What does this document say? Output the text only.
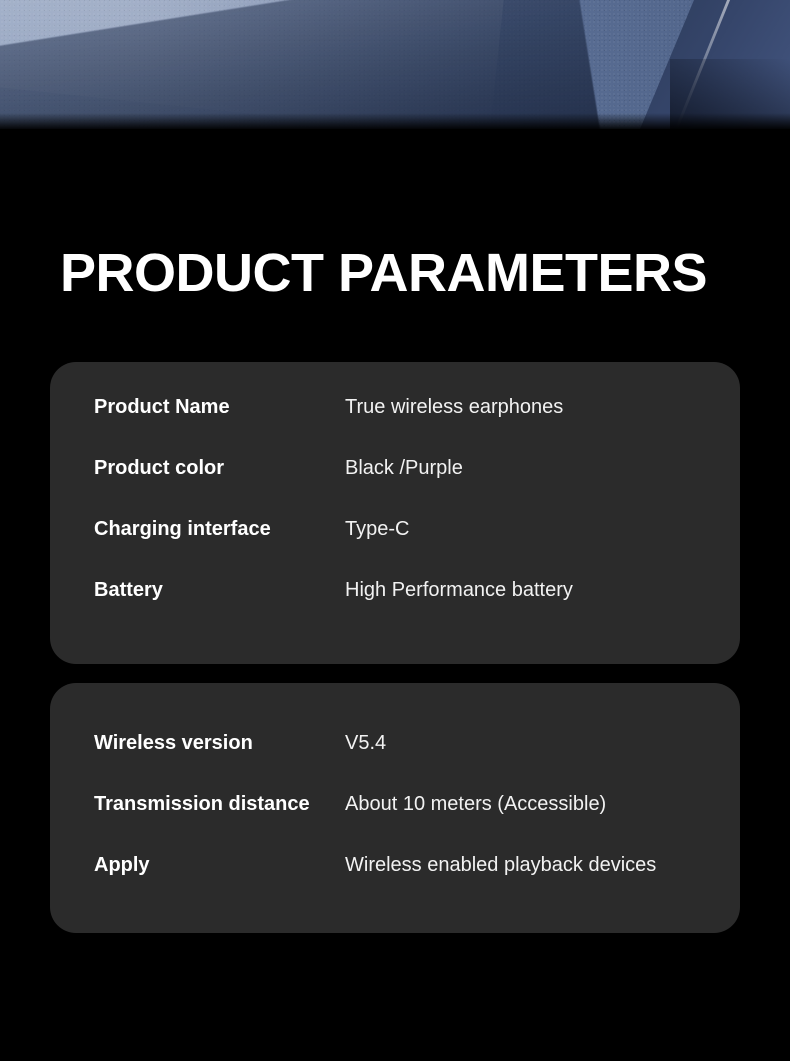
PRODUCT PARAMETERS
Product Name	True wireless earphones
Product color	Black /Purple
Charging interface	Type-C
Battery	High Performance battery
Wireless version	V5.4
Transmission distance	About 10 meters (Accessible)
Apply	Wireless enabled playback devices
